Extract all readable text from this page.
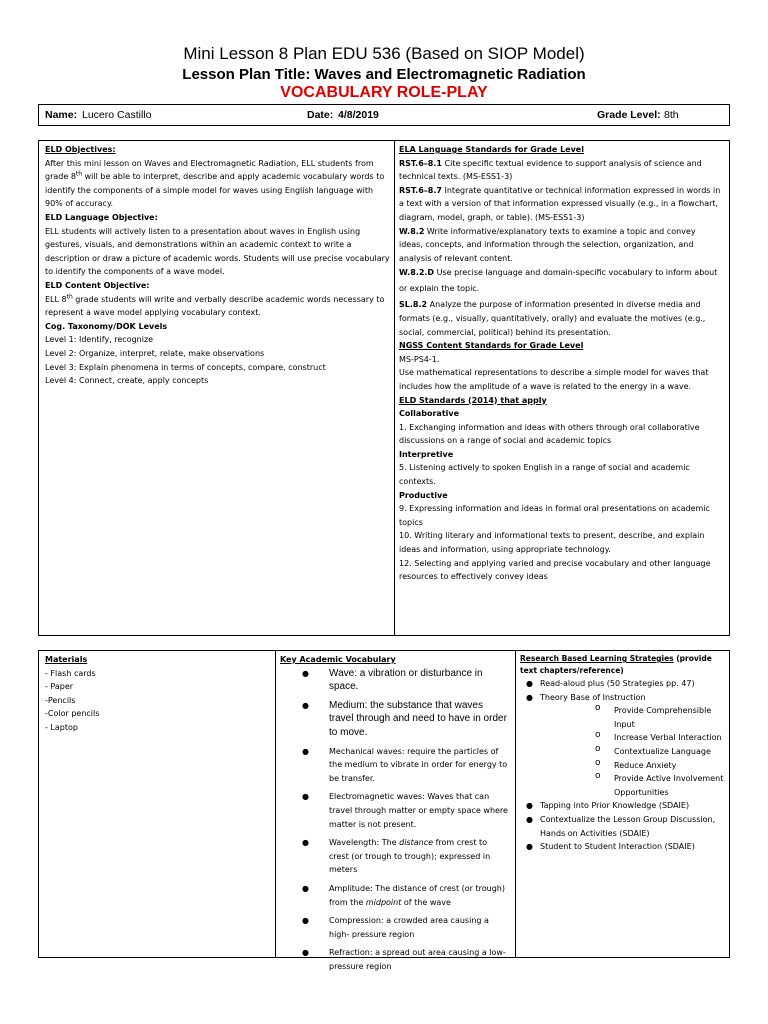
Mini Lesson 8 Plan EDU 536 (Based on SIOP Model)
Lesson Plan Title: Waves and Electromagnetic Radiation
VOCABULARY ROLE-PLAY
Name: Lucero Castillo	Date: 4/8/2019	Grade Level: 8th

ELD Objectives:

After this mini lesson on Waves and Electromagnetic Radiation, ELL students from grade 8th will be able to interpret, describe and apply academic vocabulary words to identify the components of a simple model for waves using English language with 90% of accuracy.

ELD Language Objective:

ELL students will actively listen to a presentation about waves in English using gestures, visuals, and demonstrations within an academic context to write a description or draw a picture of academic words. Students will use precise vocabulary to identify the components of a wave model.

ELD Content Objective:

ELL 8th grade students will write and verbally describe academic words necessary to represent a wave model applying vocabulary context.

Cog. Taxonomy/DOK Levels

Level 1: Identify, recognize

Level 2: Organize, interpret, relate, make observations

Level 3: Explain phenomena in terms of concepts, compare, construct

Level 4: Connect, create, apply concepts

ELA Language Standards for Grade Level

RST.6–8.1 Cite specific textual evidence to support analysis of science and technical texts. (MS-ESS1-3)

RST.6–8.7 Integrate quantitative or technical information expressed in words in a text with a version of that information expressed visually (e.g., in a flowchart, diagram, model, graph, or table). (MS-ESS1-3)

W.8.2 Write informative/explanatory texts to examine a topic and convey ideas, concepts, and information through the selection, organization, and analysis of relevant content.

W.8.2.D Use precise language and domain-specific vocabulary to inform about or explain the topic.

SL.8.2 Analyze the purpose of information presented in diverse media and formats (e.g., visually, quantitatively, orally) and evaluate the motives (e.g., social, commercial, political) behind its presentation.

NGSS Content Standards for Grade Level

MS-PS4-1.

Use mathematical representations to describe a simple model for waves that includes how the amplitude of a wave is related to the energy in a wave.

ELD Standards (2014) that apply

Collaborative

1. Exchanging information and ideas with others through oral collaborative discussions on a range of social and academic topics

Interpretive

5. Listening actively to spoken English in a range of social and academic contexts.

Productive

9. Expressing information and ideas in formal oral presentations on academic topics

10. Writing literary and informational texts to present, describe, and explain ideas and information, using appropriate technology.

12. Selecting and applying varied and precise vocabulary and other language resources to effectively convey ideas

Materials

- Flash cards

- Paper

-Pencils

-Color pencils

- Laptop

Key Academic Vocabulary

● Wave: a vibration or disturbance in space.
● Medium: the substance that waves travel through and need to have in order to move.
●	Mechanical waves: require the particles of the medium to vibrate in order for energy to be transfer.
●	Electromagnetic waves: Waves that can travel through matter or empty space where matter is not present.
●	Wavelength: The distance from crest to crest (or trough to trough); expressed in meters
●	Amplitude: The distance of crest (or trough) from the midpoint of the wave
●	Compression: a crowded area causing a high- pressure region
●	Refraction: a spread out area causing a low- pressure region

Research Based Learning Strategies (provide text chapters/reference)

● Read-aloud plus (50 Strategies pp. 47)
● Theory Base of Instruction
o Provide Comprehensible Input
o Increase Verbal Interaction
o Contextualize Language
o Reduce Anxiety
o Provide Active Involvement Opportunities
● Tapping into Prior Knowledge (SDAIE)
● Contextualize the Lesson Group Discussion, Hands on Activities (SDAIE)
● Student to Student Interaction (SDAIE)
